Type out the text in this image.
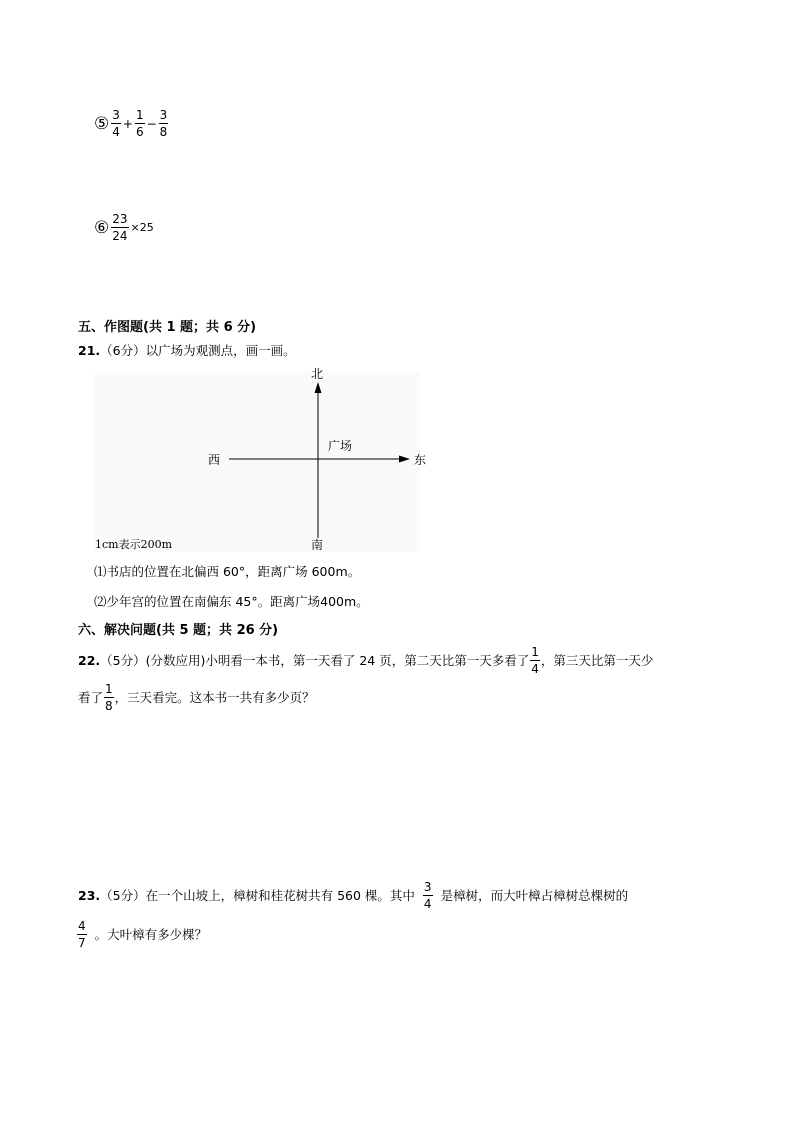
⑤ $\frac{3}{4} + \frac{1}{6} - \frac{3}{8}$
⑥ $\frac{23}{24} \times 25$
五、作图题(共 1 题；共 6 分)
21.（6分）以广场为观测点，画一画。
北
南
西	东
广场
1cm表示200m
⑴书店的位置在北偏西 60°，距离广场 600m。
⑵少年宫的位置在南偏东 45°。距离广场400m。
六、解决问题(共 5 题；共 26 分)
22. （5分）(分数应用)小明看一本书，第一天看了 24 页，第二天比第一天多看了 $\frac{1}{4}$ ，第三天比第一天少
看了 $\frac{1}{8}$ ，三天看完。这本书一共有多少页？
23. （5分）在一个山坡上，樟树和桂花树共有 560 棵。其中 $\frac{3}{4}$ 是樟树，而大叶樟占樟树总棵树的
$\frac{4}{7}$ 。大叶樟有多少棵？
